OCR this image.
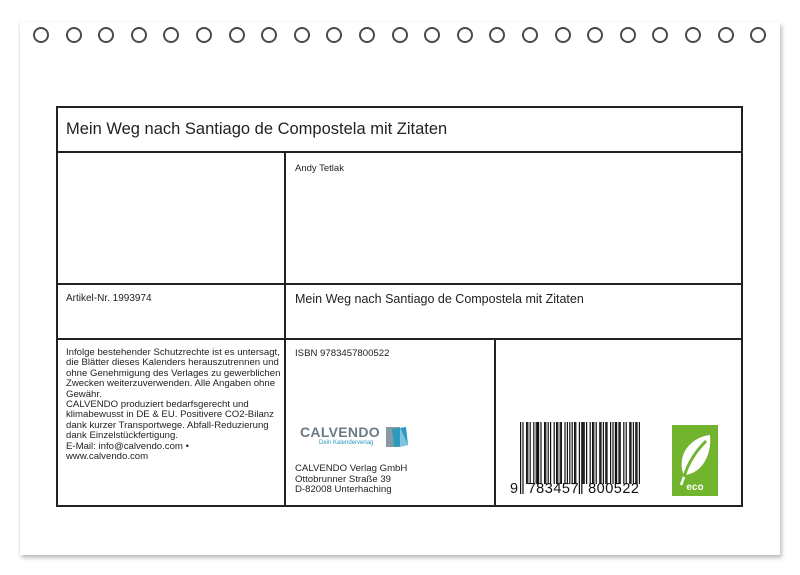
Mein Weg nach Santiago de Compostela mit Zitaten
Andy Tetlak
Artikel-Nr. 1993974	Mein Weg nach Santiago de Compostela mit Zitaten
Infolge bestehender Schutzrechte ist es untersagt, die Blätter dieses Kalenders herauszutrennen und ohne Genehmigung des Verlages zu gewerblichen Zwecken weiterzuverwenden. Alle Angaben ohne Gewähr.
CALVENDO produziert bedarfsgerecht und klimabewusst in DE & EU. Positivere CO2-Bilanz dank kurzer Transportwege. Abfall-Reduzierung dank Einzelstückfertigung.
E-Mail: info@calvendo.com •
www.calvendo.com
ISBN 9783457800522
CALVENDO
Dein Kalenderverlag
CALVENDO Verlag GmbH
Ottobrunner Straße 39
D-82008 Unterhaching	9  783457  800522	eco
